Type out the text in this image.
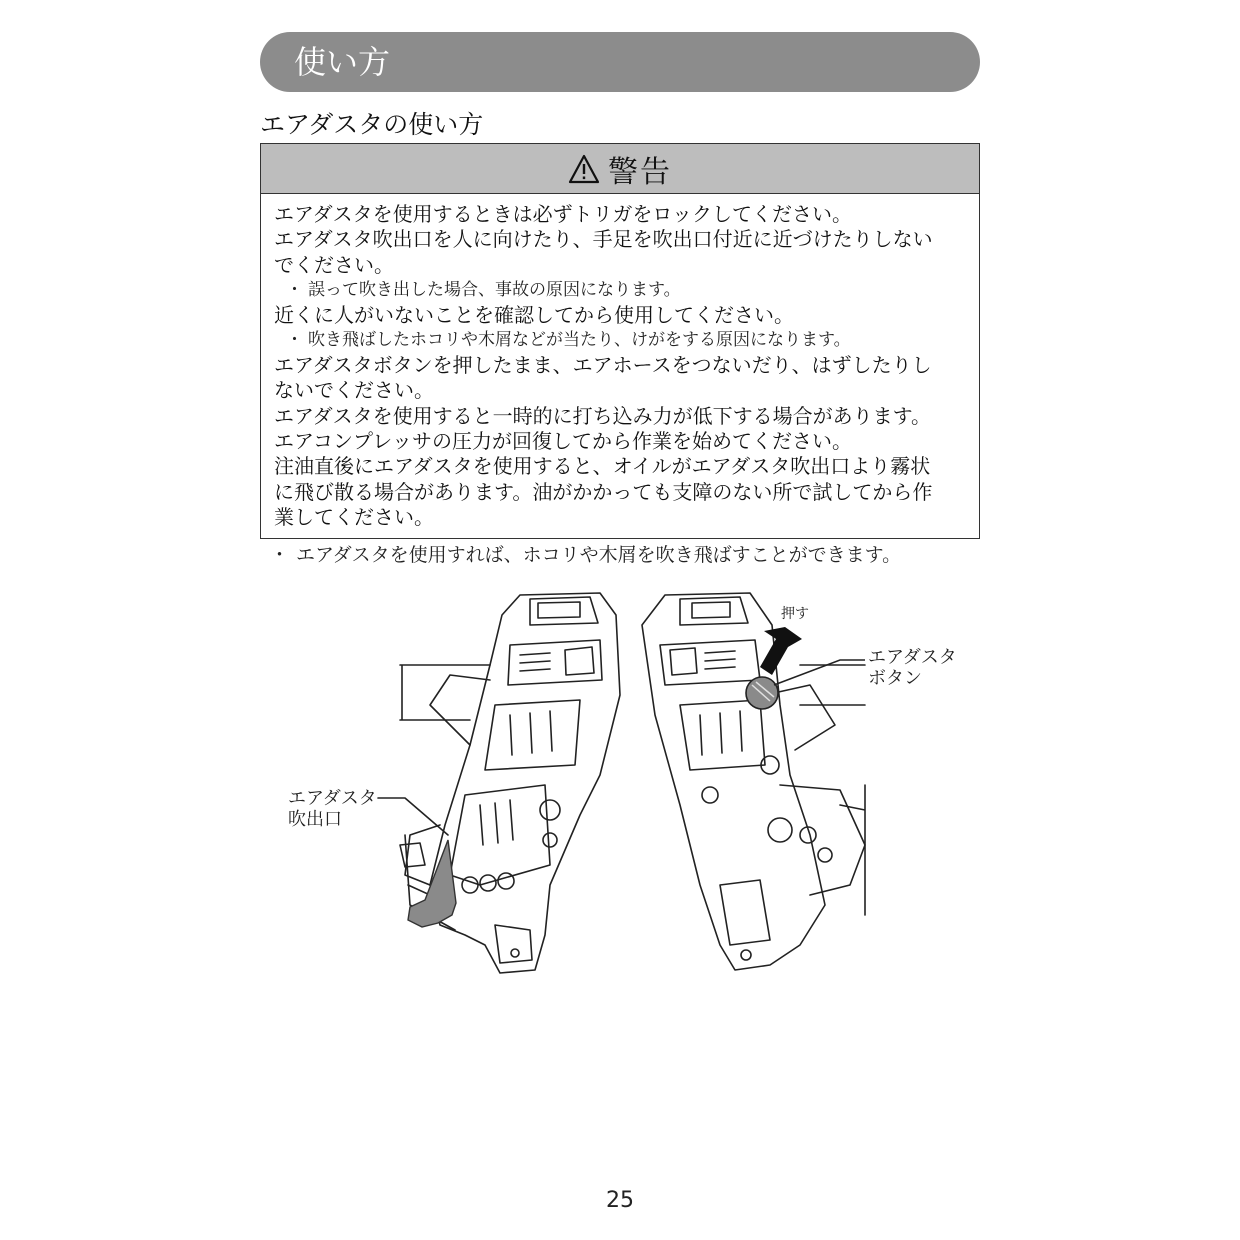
使い方
エアダスタの使い方
警告
エアダスタを使用するときは必ずトリガをロックしてください。
エアダスタ吹出口を人に向けたり、手足を吹出口付近に近づけたりしない
でください。
・ 誤って吹き出した場合、事故の原因になります。
近くに人がいないことを確認してから使用してください。
・ 吹き飛ばしたホコリや木屑などが当たり、けがをする原因になります。
エアダスタボタンを押したまま、エアホースをつないだり、はずしたりし
ないでください。
エアダスタを使用すると一時的に打ち込み力が低下する場合があります。
エアコンプレッサの圧力が回復してから作業を始めてください。
注油直後にエアダスタを使用すると、オイルがエアダスタ吹出口より霧状
に飛び散る場合があります。油がかかっても支障のない所で試してから作
業してください。
・ エアダスタを使用すれば、ホコリや木屑を吹き飛ばすことができます。
エアダスタ
吹出口
押す
エアダスタ
ボタン
25
